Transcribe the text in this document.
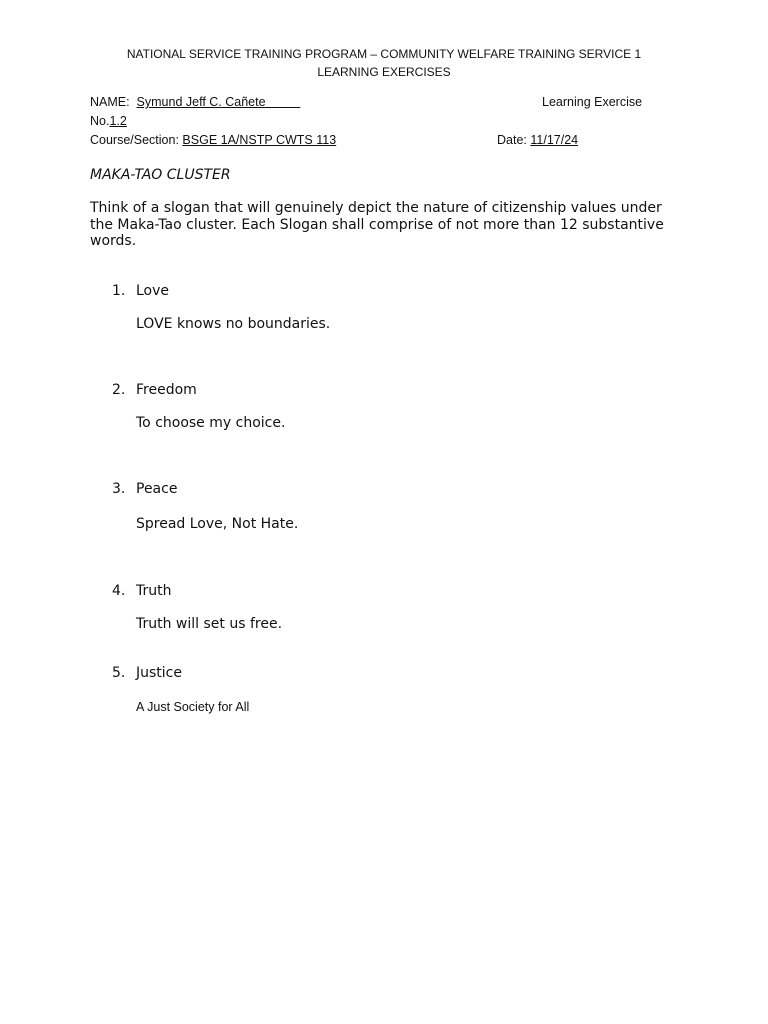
NATIONAL SERVICE TRAINING PROGRAM – COMMUNITY WELFARE TRAINING SERVICE 1
LEARNING EXERCISES
NAME: Symund Jeff C. Cañete	Learning Exercise
No.1.2
Course/Section: BSGE 1A/NSTP CWTS 113	Date: 11/17/24
MAKA-TAO CLUSTER
Think of a slogan that will genuinely depict the nature of citizenship values under the Maka-Tao cluster. Each Slogan shall comprise of not more than 12 substantive words.
1. Love
LOVE knows no boundaries.
2. Freedom
To choose my choice.
3. Peace
Spread Love, Not Hate.
4. Truth
Truth will set us free.
5. Justice
A Just Society for All
